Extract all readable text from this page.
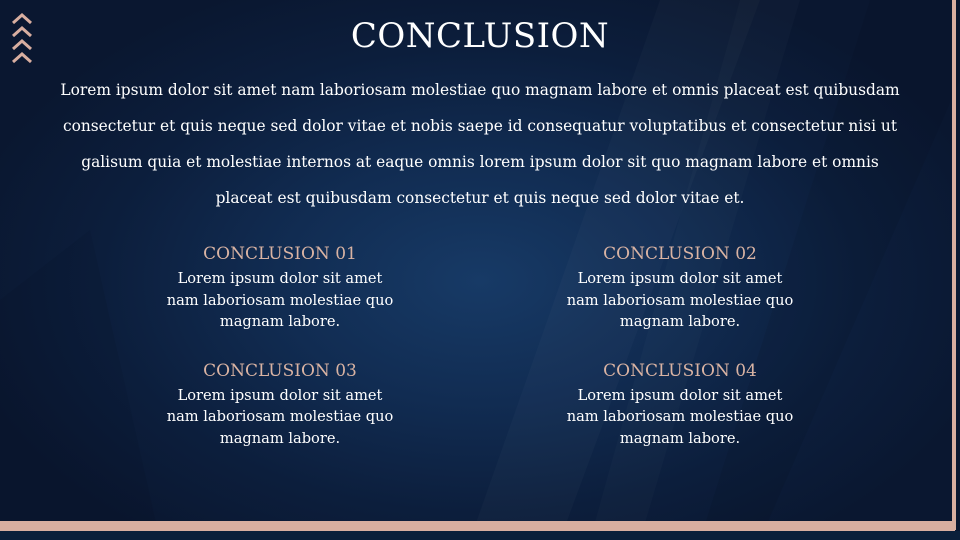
CONCLUSION

Lorem ipsum dolor sit amet nam laboriosam molestiae quo magnam labore et omnis placeat est quibusdam consectetur et quis neque sed dolor vitae et nobis saepe id consequatur voluptatibus et consectetur nisi ut galisum quia et molestiae internos at eaque omnis lorem ipsum dolor sit quo magnam labore et omnis placeat est quibusdam consectetur et quis neque sed dolor vitae et.

CONCLUSION 01

Lorem ipsum dolor sit amet nam laboriosam molestiae quo magnam labore.

CONCLUSION 02

Lorem ipsum dolor sit amet nam laboriosam molestiae quo magnam labore.

CONCLUSION 03

Lorem ipsum dolor sit amet nam laboriosam molestiae quo magnam labore.

CONCLUSION 04

Lorem ipsum dolor sit amet nam laboriosam molestiae quo magnam labore.
